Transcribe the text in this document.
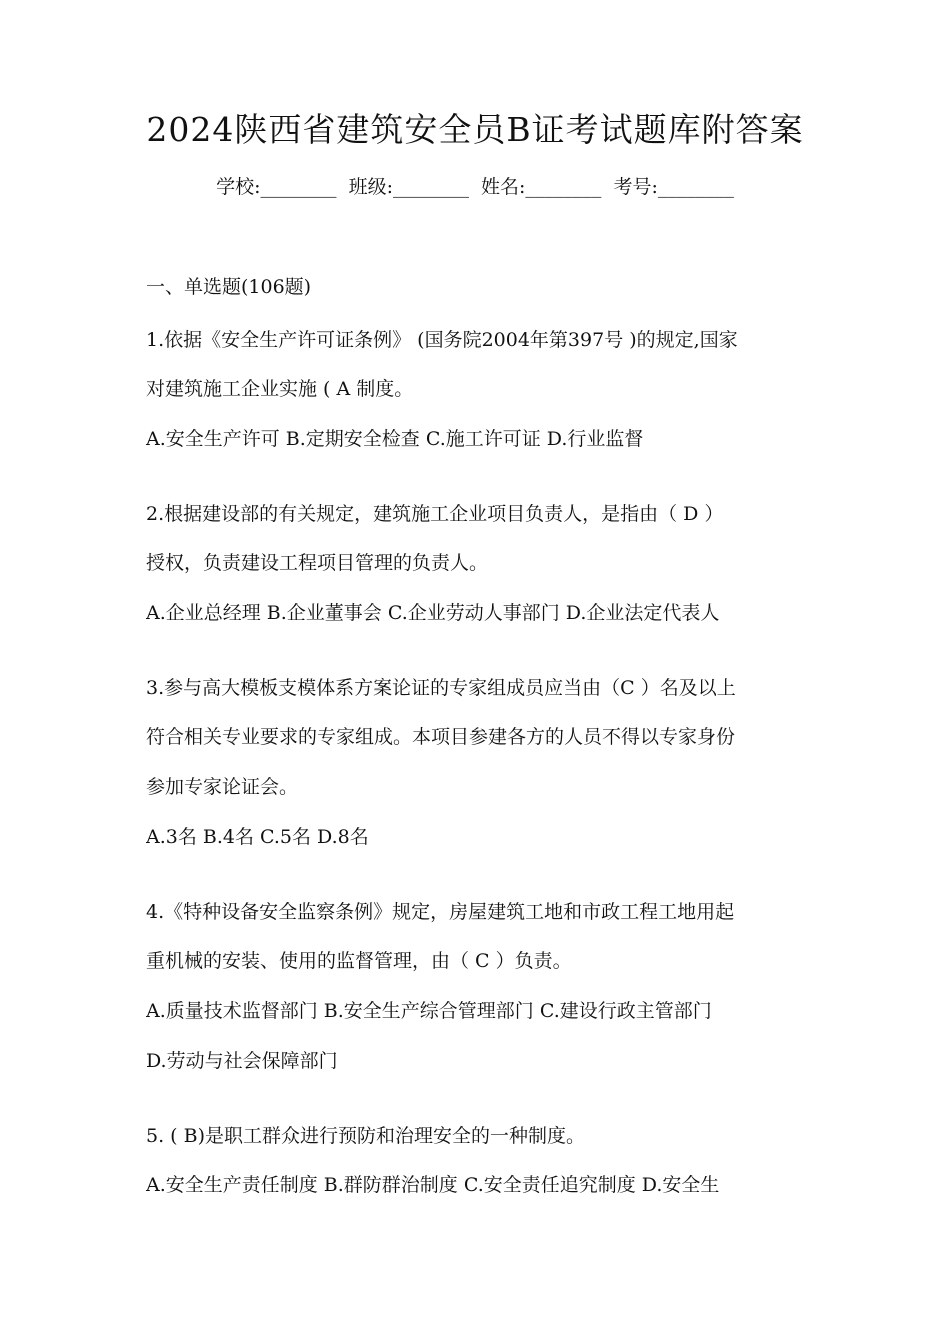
2024陕西省建筑安全员B证考试题库附答案
学校:________ 班级:________ 姓名:________ 考号:________
一、单选题(106题)
1.依据《安全生产许可证条例》 (国务院2004年第397号 )的规定,国家
对建筑施工企业实施 ( A 制度。
A.安全生产许可 B.定期安全检查 C.施工许可证 D.行业监督
2.根据建设部的有关规定，建筑施工企业项目负责人，是指由（ D ）
授权，负责建设工程项目管理的负责人。
A.企业总经理 B.企业董事会 C.企业劳动人事部门 D.企业法定代表人
3.参与高大模板支模体系方案论证的专家组成员应当由（C ）名及以上
符合相关专业要求的专家组成。本项目参建各方的人员不得以专家身份
参加专家论证会。
A.3名 B.4名 C.5名 D.8名
4.《特种设备安全监察条例》规定，房屋建筑工地和市政工程工地用起
重机械的安装、使用的监督管理，由（ C ）负责。
A.质量技术监督部门 B.安全生产综合管理部门 C.建设行政主管部门
D.劳动与社会保障部门
5. ( B)是职工群众进行预防和治理安全的一种制度。
A.安全生产责任制度 B.群防群治制度 C.安全责任追究制度 D.安全生
